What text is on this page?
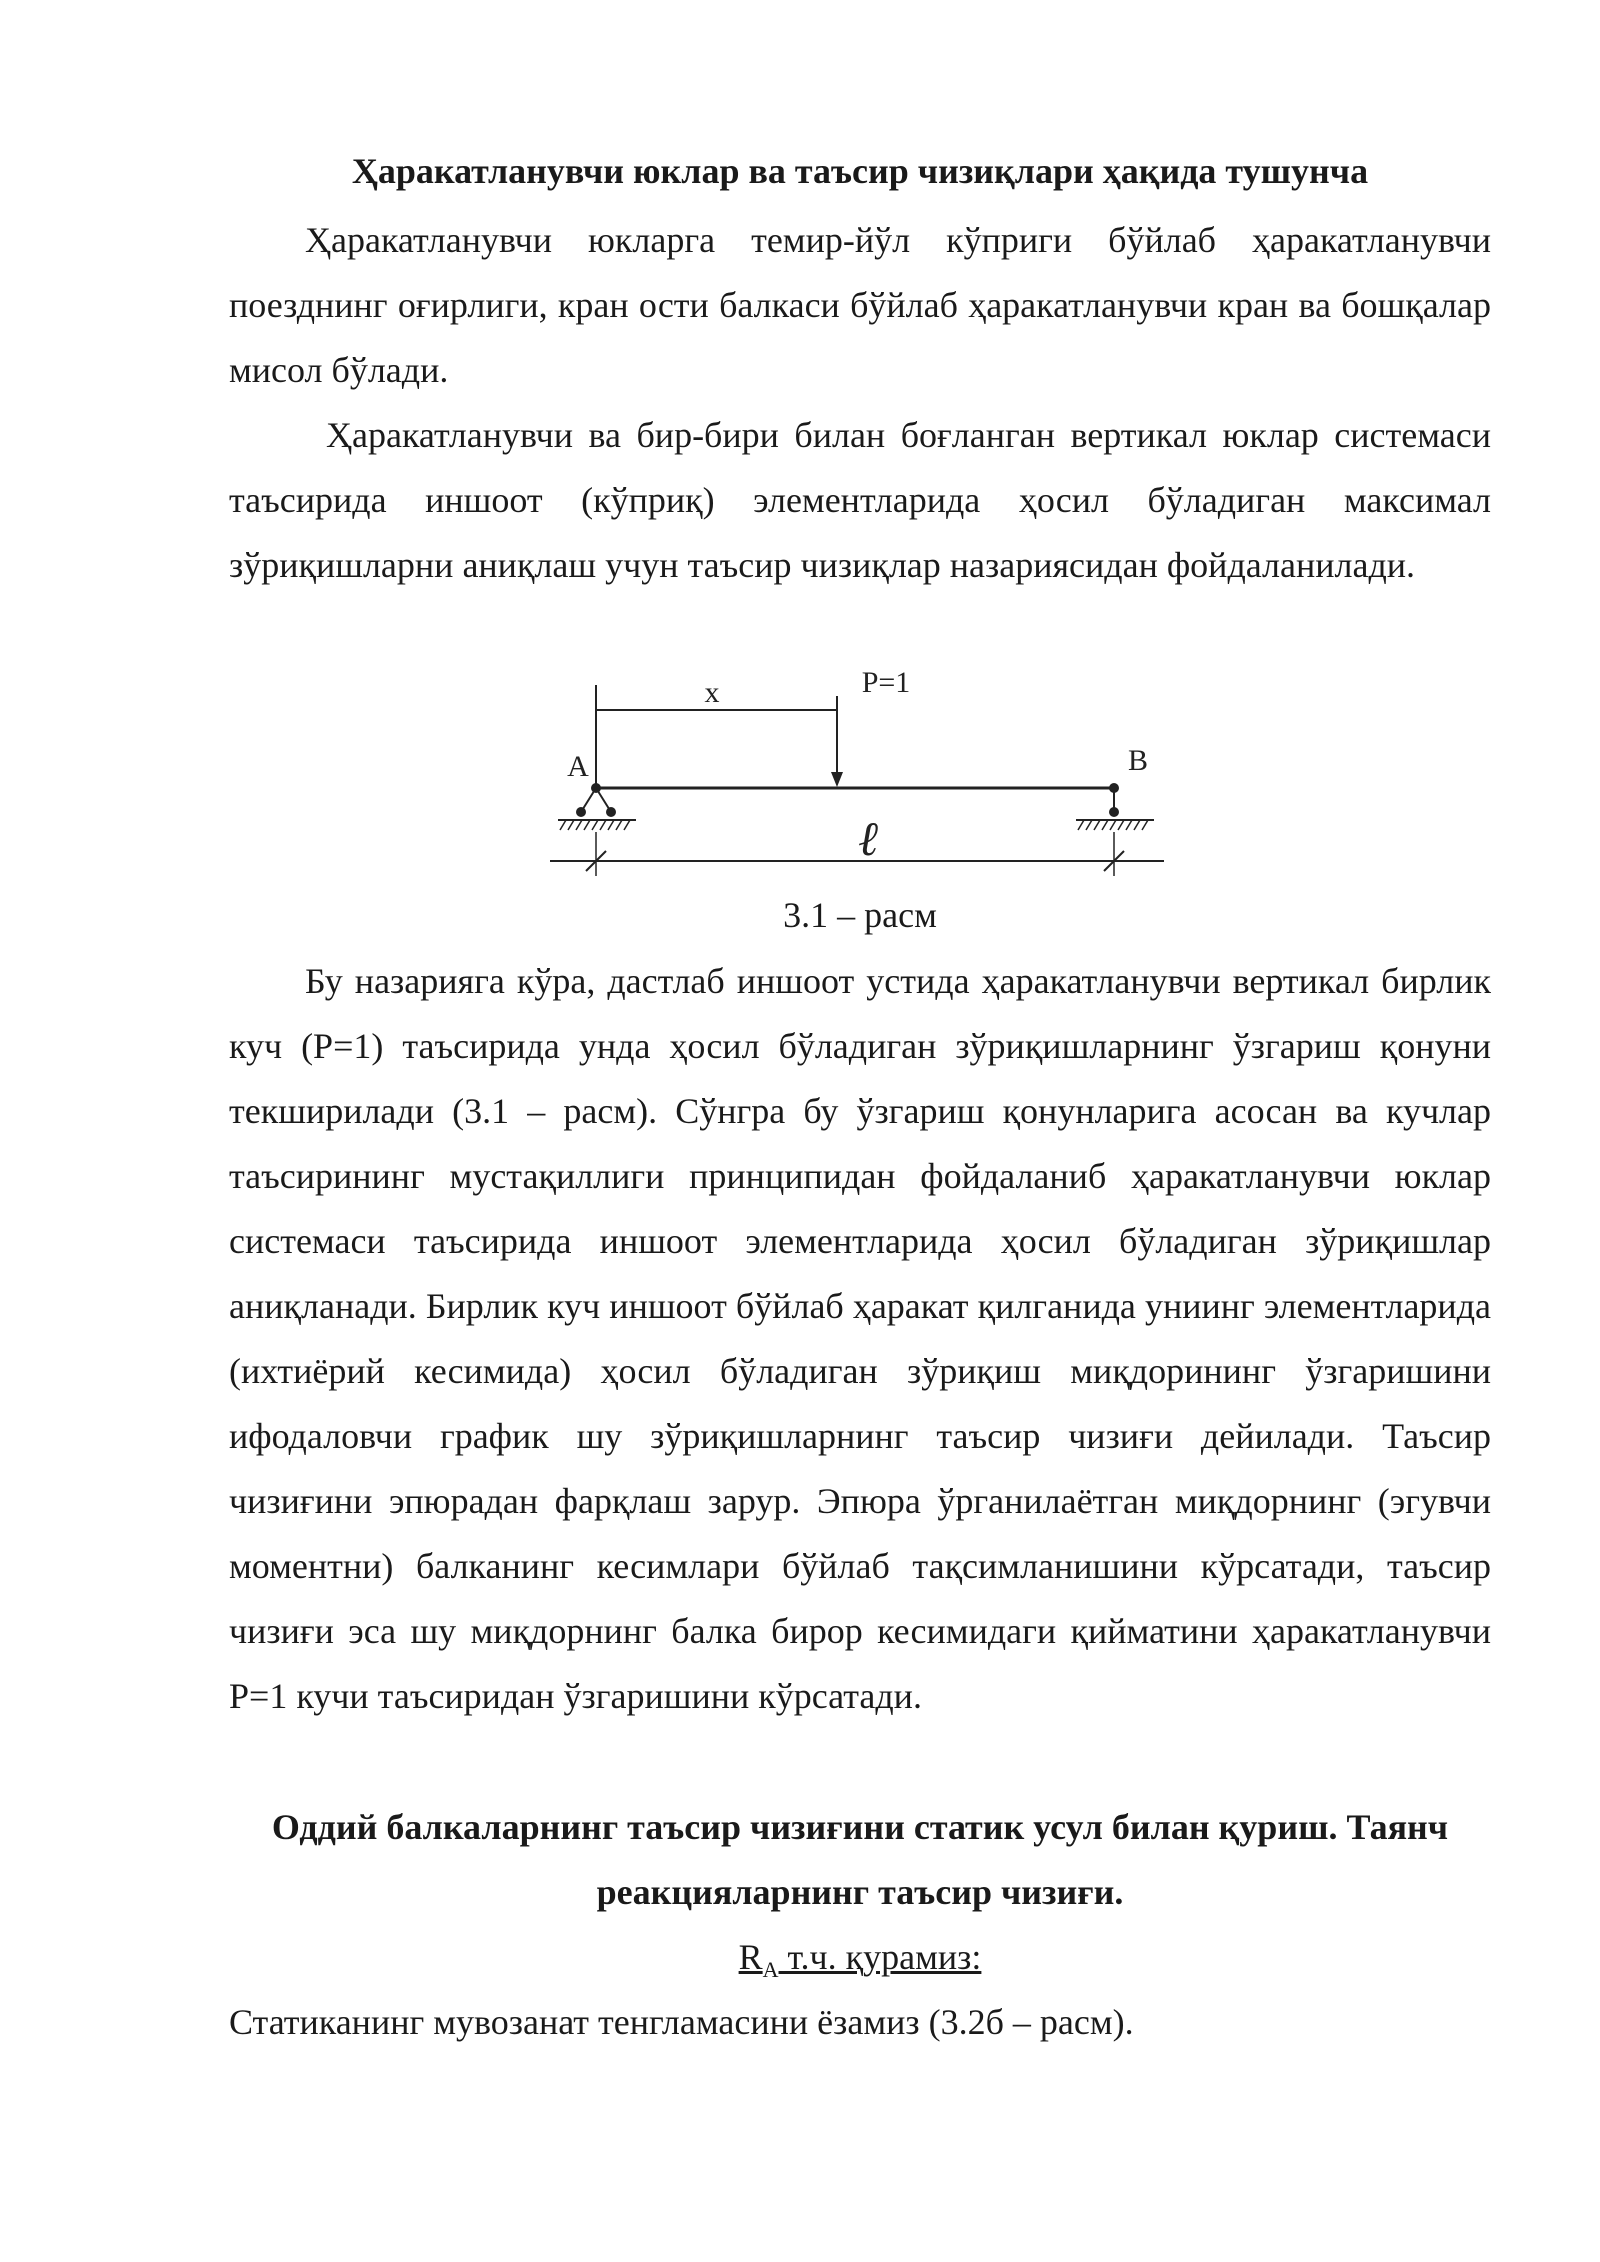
Ҳаракатланувчи юклар ва таъсир чизиқлари ҳақида тушунча
Ҳаракатланувчи юкларга темир-йўл кўприги бўйлаб ҳаракатланувчи поезднинг оғирлиги, кран ости балкаси бўйлаб ҳаракатланувчи кран ва бошқалар мисол бўлади.
Ҳаракатланувчи ва бир-бири билан боғланган вертикал юклар системаси таъсирида иншоот (кўприқ) элементларида ҳосил бўладиган максимал зўриқишларни аниқлаш учун таъсир чизиқлар назариясидан фойдаланилади.
x	P=1
A	B
ℓ
3.1 – расм
Бу назарияга кўра, дастлаб иншоот устида ҳаракатланувчи вертикал бирлик куч (Р=1) таъсирида унда ҳосил бўладиган зўриқишларнинг ўзгариш қонуни текширилади (3.1 – расм). Сўнгра бу ўзгариш қонунларига асосан ва кучлар таъсирининг мустақиллиги принципидан фойдаланиб ҳаракатланувчи юклар системаси таъсирида иншоот элементларида ҳосил бўладиган зўриқишлар аниқланади. Бирлик куч иншоот бўйлаб ҳаракат қилганида униинг элементларида (ихтиёрий кесимида) ҳосил бўладиган зўриқиш миқдорининг ўзгаришини ифодаловчи график шу зўриқишларнинг таъсир чизиғи дейилади. Таъсир чизиғини эпюрадан фарқлаш зарур. Эпюра ўрганилаётган миқдорнинг (эгувчи моментни) балканинг кесимлари бўйлаб тақсимланишини кўрсатади, таъсир чизиғи эса шу миқдорнинг балка бирор кесимидаги қийматини ҳаракатланувчи Р=1 кучи таъсиридан ўзгаришини кўрсатади.
Оддий балкаларнинг таъсир чизиғини статик усул билан қуриш. Таянч реакцияларнинг таъсир чизиғи.
$R_A$ т.ч. қурамиз:
Статиканинг мувозанат тенгламасини ёзамиз (3.2б – расм).
